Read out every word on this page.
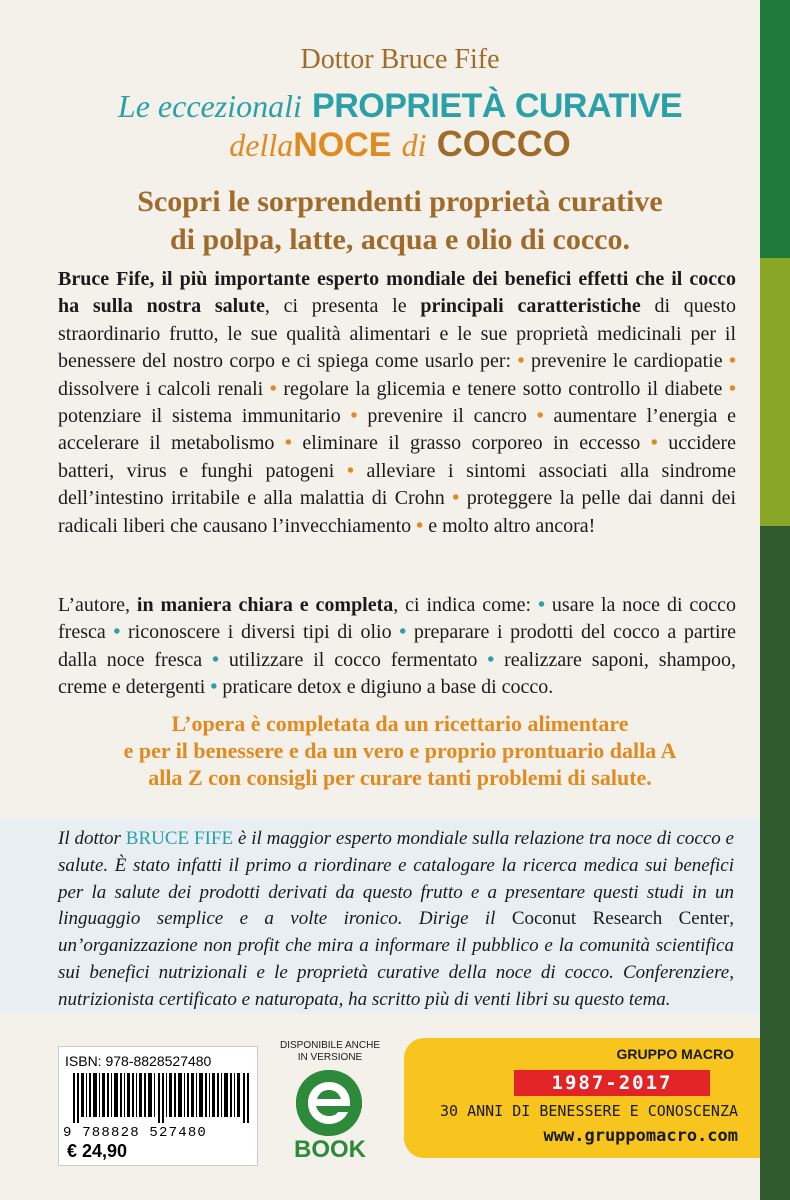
Dottor Bruce Fife
Le eccezionali PROPRIETÀ CURATIVE
dellaNOCE di COCCO
Scopri le sorprendenti proprietà curative
di polpa, latte, acqua e olio di cocco.
Bruce Fife, il più importante esperto mondiale dei benefici effetti che il cocco ha sulla nostra salute, ci presenta le principali caratteristiche di questo straordinario frutto, le sue qualità alimentari e le sue proprietà medicinali per il benessere del nostro corpo e ci spiega come usarlo per: • prevenire le cardiopatie • dissolvere i calcoli renali • regolare la glicemia e tenere sotto controllo il diabete • potenziare il sistema immunitario • prevenire il cancro • aumentare l’energia e accelerare il metabolismo • eliminare il grasso corporeo in eccesso • uccidere batteri, virus e funghi patogeni • alleviare i sintomi associati alla sindrome dell’intestino irritabile e alla malattia di Crohn • proteggere la pelle dai danni dei radicali liberi che causano l’invecchiamento • e molto altro ancora!
L’autore, in maniera chiara e completa, ci indica come: • usare la noce di cocco fresca • riconoscere i diversi tipi di olio • preparare i prodotti del cocco a partire dalla noce fresca • utilizzare il cocco fermentato • realizzare saponi, shampoo, creme e detergenti • praticare detox e digiuno a base di cocco.
L’opera è completata da un ricettario alimentare
e per il benessere e da un vero e proprio prontuario dalla A
alla Z con consigli per curare tanti problemi di salute.
Il dottor BRUCE FIFE è il maggior esperto mondiale sulla relazione tra noce di cocco e salute. È stato infatti il primo a riordinare e catalogare la ricerca medica sui benefici per la salute dei prodotti derivati da questo frutto e a presentare questi studi in un linguaggio semplice e a volte ironico. Dirige il Coconut Research Center, un’organizzazione non profit che mira a informare il pubblico e la comunità scientifica sui benefici nutrizionali e le proprietà curative della noce di cocco. Conferenziere, nutrizionista certificato e naturopata, ha scritto più di venti libri su questo tema.
ISBN: 978-8828527480
9 788828 527480
€ 24,90
DISPONIBILE ANCHE
IN VERSIONE
BOOK
GRUPPO MACRO
1987-2017
30 ANNI DI BENESSERE E CONOSCENZA
www.gruppomacro.com
